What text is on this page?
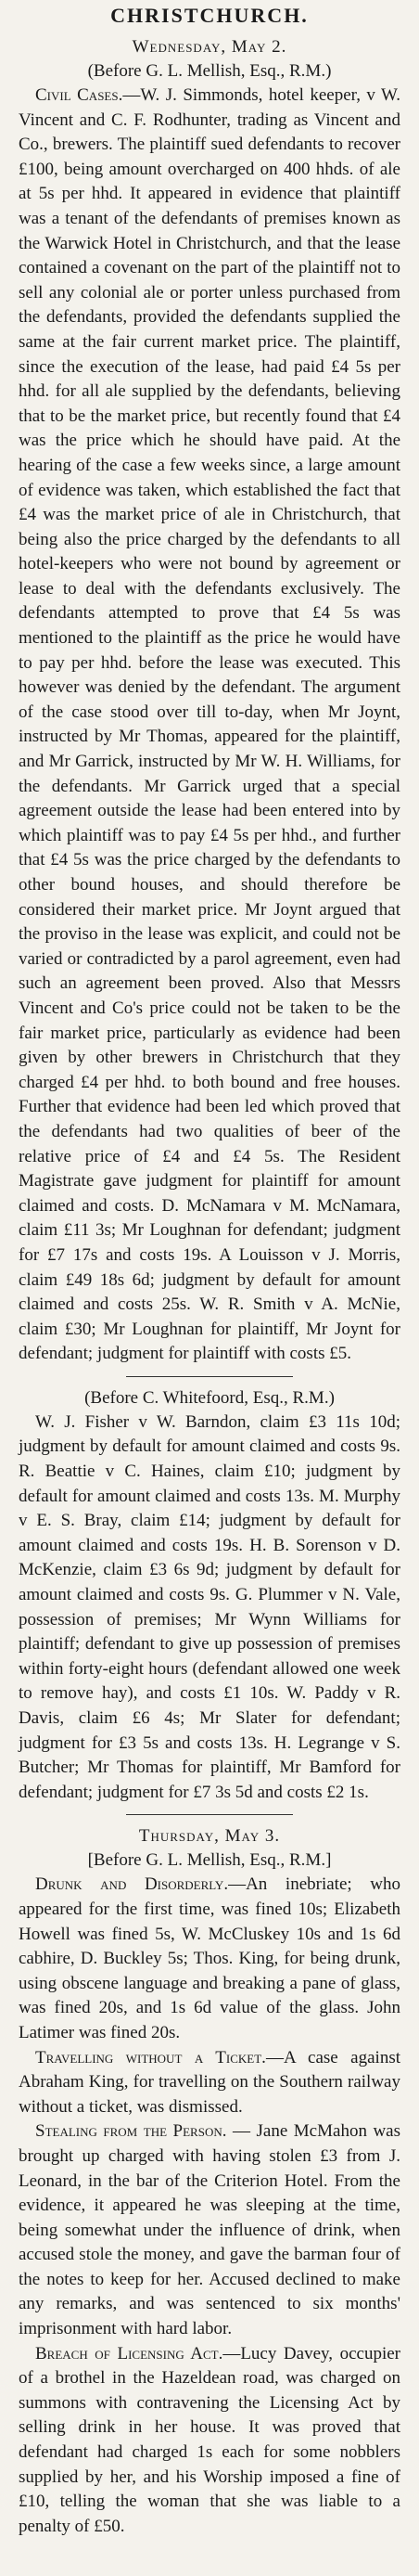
CHRISTCHURCH.
Wednesday, May 2.
(Before G. L. Mellish, Esq., R.M.)

Civil Cases.—W. J. Simmonds, hotel keeper, v W. Vincent and C. F. Rodhunter, trading as Vincent and Co., brewers. The plaintiff sued defendants to recover £100, being amount overcharged on 400 hhds. of ale at 5s per hhd. It appeared in evidence that plaintiff was a tenant of the defendants of premises known as the Warwick Hotel in Christchurch, and that the lease contained a covenant on the part of the plaintiff not to sell any colonial ale or porter unless purchased from the defendants, provided the defendants supplied the same at the fair current market price. The plaintiff, since the execution of the lease, had paid £4 5s per hhd. for all ale supplied by the defendants, believing that to be the market price, but recently found that £4 was the price which he should have paid. At the hearing of the case a few weeks since, a large amount of evidence was taken, which established the fact that £4 was the market price of ale in Christchurch, that being also the price charged by the defendants to all hotel-keepers who were not bound by agreement or lease to deal with the defendants exclusively. The defendants attempted to prove that £4 5s was mentioned to the plaintiff as the price he would have to pay per hhd. before the lease was executed. This however was denied by the defendant. The argument of the case stood over till to-day, when Mr Joynt, instructed by Mr Thomas, appeared for the plaintiff, and Mr Garrick, instructed by Mr W. H. Williams, for the defendants. Mr Garrick urged that a special agreement outside the lease had been entered into by which plaintiff was to pay £4 5s per hhd., and further that £4 5s was the price charged by the defendants to other bound houses, and should therefore be considered their market price. Mr Joynt argued that the proviso in the lease was explicit, and could not be varied or contradicted by a parol agreement, even had such an agreement been proved. Also that Messrs Vincent and Co's price could not be taken to be the fair market price, particularly as evidence had been given by other brewers in Christchurch that they charged £4 per hhd. to both bound and free houses. Further that evidence had been led which proved that the defendants had two qualities of beer of the relative price of £4 and £4 5s. The Resident Magistrate gave judgment for plaintiff for amount claimed and costs. D. McNamara v M. McNamara, claim £11 3s; Mr Loughnan for defendant; judgment for £7 17s and costs 19s. A Louisson v J. Morris, claim £49 18s 6d; judgment by default for amount claimed and costs 25s. W. R. Smith v A. McNie, claim £30; Mr Loughnan for plaintiff, Mr Joynt for defendant; judgment for plaintiff with costs £5.

(Before C. Whitefoord, Esq., R.M.)

W. J. Fisher v W. Barndon, claim £3 11s 10d; judgment by default for amount claimed and costs 9s. R. Beattie v C. Haines, claim £10; judgment by default for amount claimed and costs 13s. M. Murphy v E. S. Bray, claim £14; judgment by default for amount claimed and costs 19s. H. B. Sorenson v D. McKenzie, claim £3 6s 9d; judgment by default for amount claimed and costs 9s. G. Plummer v N. Vale, possession of premises; Mr Wynn Williams for plaintiff; defendant to give up possession of premises within forty-eight hours (defendant allowed one week to remove hay), and costs £1 10s. W. Paddy v R. Davis, claim £6 4s; Mr Slater for defendant; judgment for £3 5s and costs 13s. H. Legrange v S. Butcher; Mr Thomas for plaintiff, Mr Bamford for defendant; judgment for £7 3s 5d and costs £2 1s.

Thursday, May 3.
[Before G. L. Mellish, Esq., R.M.]

Drunk and Disorderly.—An inebriate; who appeared for the first time, was fined 10s; Elizabeth Howell was fined 5s, W. McCluskey 10s and 1s 6d cabhire, D. Buckley 5s; Thos. King, for being drunk, using obscene language and breaking a pane of glass, was fined 20s, and 1s 6d value of the glass. John Latimer was fined 20s.

Travelling without a Ticket.—A case against Abraham King, for travelling on the Southern railway without a ticket, was dismissed.

Stealing from the Person. — Jane McMahon was brought up charged with having stolen £3 from J. Leonard, in the bar of the Criterion Hotel. From the evidence, it appeared he was sleeping at the time, being somewhat under the influence of drink, when accused stole the money, and gave the barman four of the notes to keep for her. Accused declined to make any remarks, and was sentenced to six months' imprisonment with hard labor.

Breach of Licensing Act.—Lucy Davey, occupier of a brothel in the Hazeldean road, was charged on summons with contravening the Licensing Act by selling drink in her house. It was proved that defendant had charged 1s each for some nobblers supplied by her, and his Worship imposed a fine of £10, telling the woman that she was liable to a penalty of £50.
